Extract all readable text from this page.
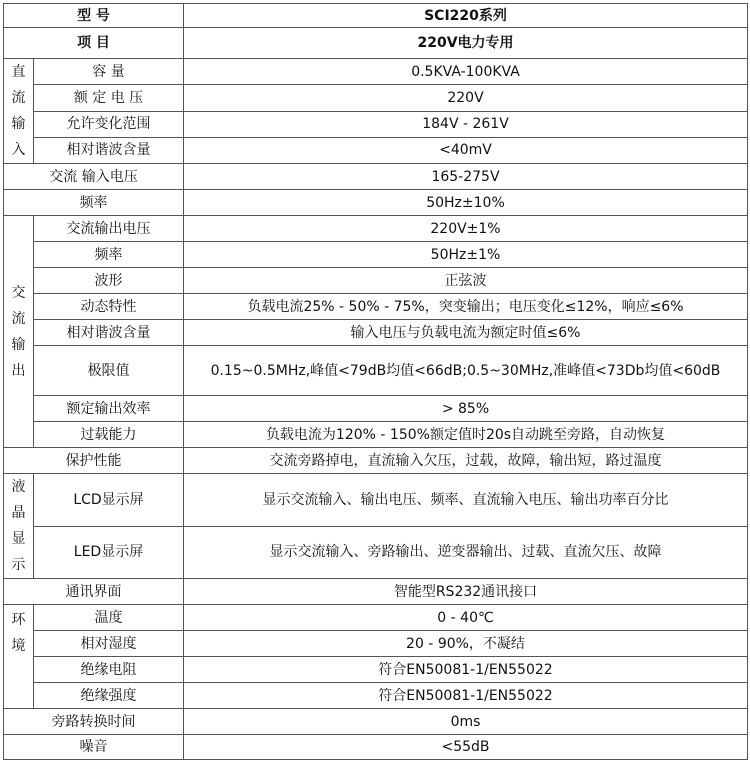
型 号		SCI220系列
项 目		220V电力专用

直
流
输
入	容 量	0.5KVA-100KVA
	额 定 电 压	220V
	允许变化范围	184V - 261V
	相对谐波含量	<40mV
交流 输入电压		165-275V
频率		50Hz±10%

交
流
输
出	交流输出电压	220V±1%
	频率	50Hz±1%
	波形	正弦波
	动态特性	负载电流25% - 50% - 75%，突变输出；电压变化≤12%，响应≤6%
	相对谐波含量	输入电压与负载电流为额定时值≤6%
	极限值	0.15~0.5MHz,峰值<79dB均值<66dB;0.5~30MHz,准峰值<73Db均值<60dB
	额定输出效率	> 85%
	过载能力	负载电流为120% - 150%额定值时20s自动跳至旁路，自动恢复
保护性能		交流旁路掉电，直流输入欠压，过载，故障，输出短，路过温度

液
晶
显
示	LCD显示屏	显示交流输入、输出电压、频率、直流输入电压、输出功率百分比
	LED显示屏	显示交流输入、旁路输出、逆变器输出、过载、直流欠压、故障
通讯界面		智能型RS232通讯接口

环
境	温度	0 - 40℃
	相对湿度	20 - 90%，不凝结
	绝缘电阻	符合EN50081-1/EN55022
	绝缘强度	符合EN50081-1/EN55022
旁路转换时间		0ms
噪音		<55dB
